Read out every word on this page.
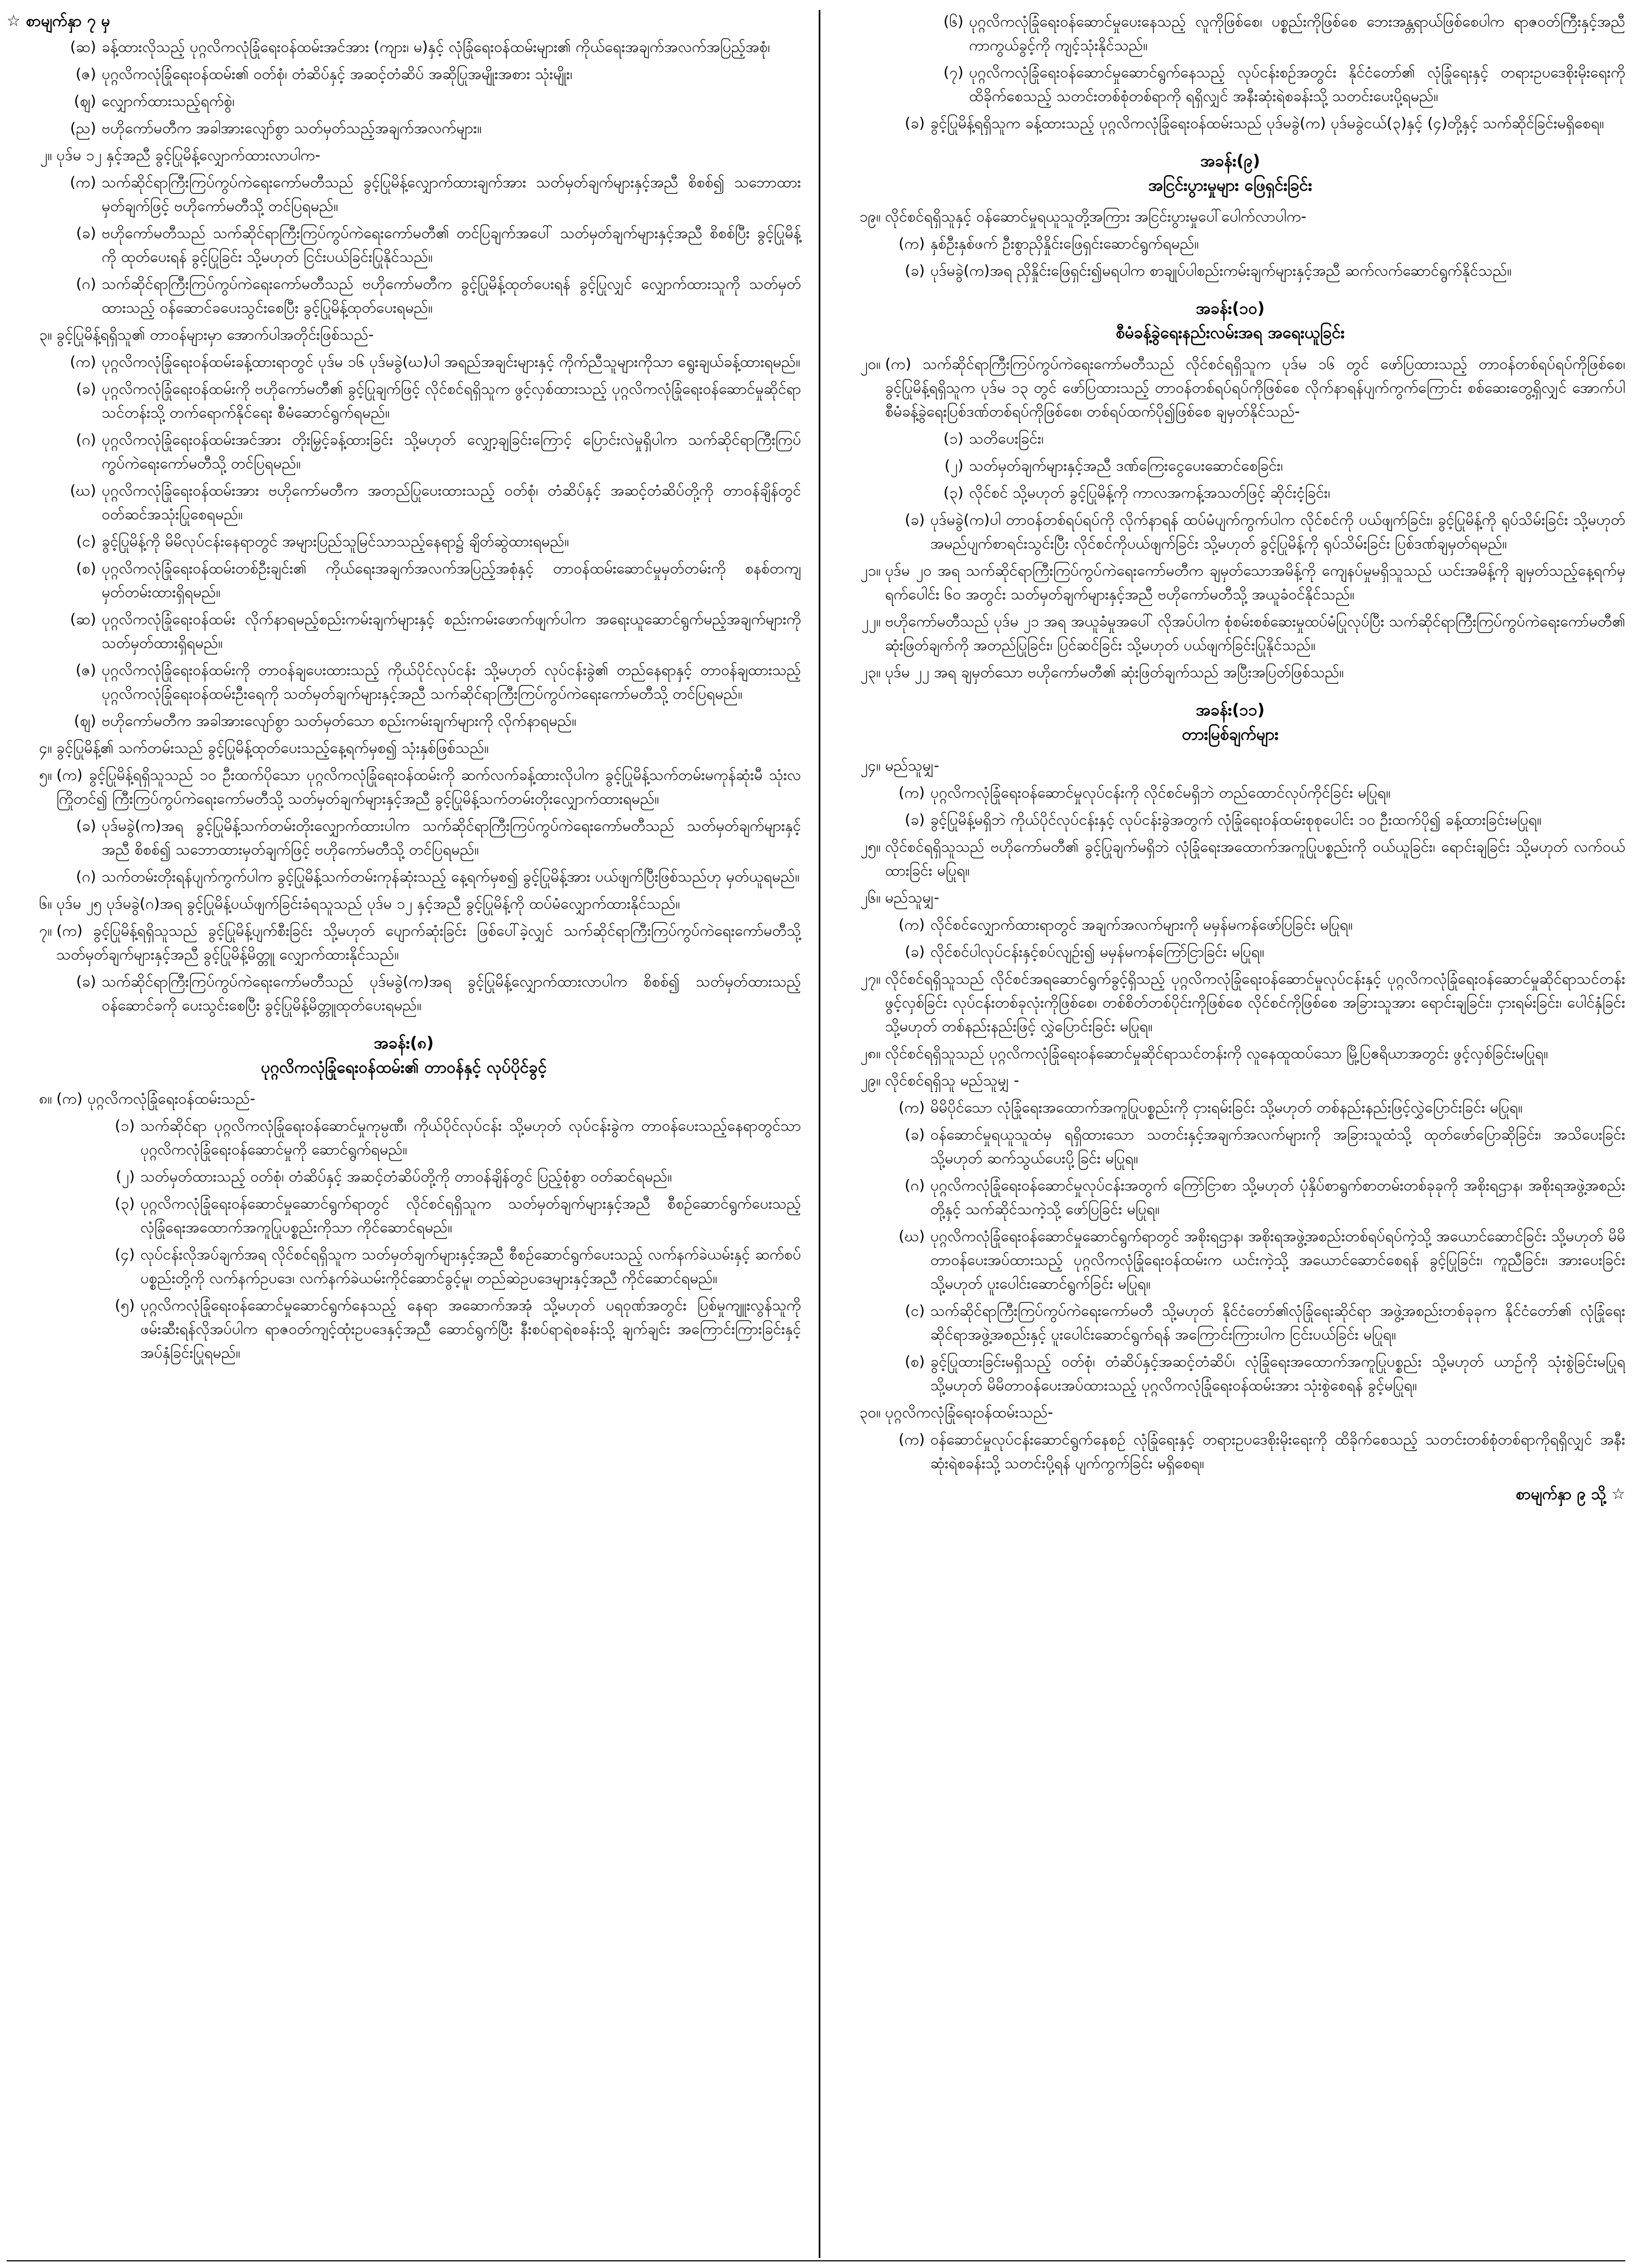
☆ စာမျက်နှာ ၇ မှ
(ဆ) ခန့်ထားလိုသည့် ပုဂ္ဂလိကလုံခြုံရေးဝန်ထမ်းအင်အား (ကျား၊ မ)နှင့် လုံခြုံရေးဝန်ထမ်းများ၏ ကိုယ်ရေးအချက်အလက်အပြည့်အစုံ၊
(ဇ) ပုဂ္ဂလိကလုံခြုံရေးဝန်ထမ်း၏ ဝတ်စုံ၊ တံဆိပ်နှင့် အဆင့်တံဆိပ် အဆိုပြုအမျိုးအစား သုံးမျိုး၊
(ဈ) လျှောက်ထားသည့်ရက်စွဲ၊
(ည) ဗဟိုကော်မတီက အခါအားလျော်စွာ သတ်မှတ်သည့်အချက်အလက်များ။
၂။ ပုဒ်မ ၁၂ နှင့်အညီ ခွင့်ပြုမိန့်လျှောက်ထားလာပါက-
(က) သက်ဆိုင်ရာကြီးကြပ်ကွပ်ကဲရေးကော်မတီသည် ခွင့်ပြုမိန့်လျှောက်ထားချက်အား သတ်မှတ်ချက်များနှင့်အညီ စိစစ်၍ သဘောထားမှတ်ချက်ဖြင့် ဗဟိုကော်မတီသို့ တင်ပြရမည်။
(ခ) ဗဟိုကော်မတီသည် သက်ဆိုင်ရာကြီးကြပ်ကွပ်ကဲရေးကော်မတီ၏ တင်ပြချက်အပေါ် သတ်မှတ်ချက်များနှင့်အညီ စိစစ်ပြီး ခွင့်ပြုမိန့်ကို ထုတ်ပေးရန် ခွင့်ပြုခြင်း သို့မဟုတ် ငြင်းပယ်ခြင်းပြုနိုင်သည်။
(ဂ) သက်ဆိုင်ရာကြီးကြပ်ကွပ်ကဲရေးကော်မတီသည် ဗဟိုကော်မတီက ခွင့်ပြုမိန့်ထုတ်ပေးရန် ခွင့်ပြုလျှင် လျှောက်ထားသူကို သတ်မှတ်ထားသည့် ဝန်ဆောင်ခပေးသွင်းစေပြီး ခွင့်ပြုမိန့်ထုတ်ပေးရမည်။
၃။ ခွင့်ပြုမိန့်ရရှိသူ၏ တာဝန်များမှာ အောက်ပါအတိုင်းဖြစ်သည်-
(က) ပုဂ္ဂလိကလုံခြုံရေးဝန်ထမ်းခန့်ထားရာတွင် ပုဒ်မ ၁၆ ပုဒ်မခွဲ(ဃ)ပါ အရည်အချင်းများနှင့် ကိုက်ညီသူများကိုသာ ရွေးချယ်ခန့်ထားရမည်။
(ခ) ပုဂ္ဂလိကလုံခြုံရေးဝန်ထမ်းကို ဗဟိုကော်မတီ၏ ခွင့်ပြုချက်ဖြင့် လိုင်စင်ရရှိသူက ဖွင့်လှစ်ထားသည့် ပုဂ္ဂလိကလုံခြုံရေးဝန်ဆောင်မှုဆိုင်ရာသင်တန်းသို့ တက်ရောက်နိုင်ရေး စီမံဆောင်ရွက်ရမည်။
(ဂ) ပုဂ္ဂလိကလုံခြုံရေးဝန်ထမ်းအင်အား တိုးမြှင့်ခန့်ထားခြင်း သို့မဟုတ် လျှော့ချခြင်းကြောင့် ပြောင်းလဲမှုရှိပါက သက်ဆိုင်ရာကြီးကြပ်ကွပ်ကဲရေးကော်မတီသို့ တင်ပြရမည်။
(ဃ) ပုဂ္ဂလိကလုံခြုံရေးဝန်ထမ်းအား ဗဟိုကော်မတီက အတည်ပြုပေးထားသည့် ဝတ်စုံ၊ တံဆိပ်နှင့် အဆင့်တံဆိပ်တို့ကို တာဝန်ချိန်တွင် ဝတ်ဆင်အသုံးပြုစေရမည်။
(င) ခွင့်ပြုမိန့်ကို မိမိလုပ်ငန်းနေရာတွင် အများပြည်သူမြင်သာသည့်နေရာ၌ ချိတ်ဆွဲထားရမည်။
(စ) ပုဂ္ဂလိကလုံခြုံရေးဝန်ထမ်းတစ်ဦးချင်း၏ ကိုယ်ရေးအချက်အလက်အပြည့်အစုံနှင့် တာဝန်ထမ်းဆောင်မှုမှတ်တမ်းကို စနစ်တကျမှတ်တမ်းထားရှိရမည်။
(ဆ) ပုဂ္ဂလိကလုံခြုံရေးဝန်ထမ်း လိုက်နာရမည့်စည်းကမ်းချက်များနှင့် စည်းကမ်းဖောက်ဖျက်ပါက အရေးယူဆောင်ရွက်မည့်အချက်များကို သတ်မှတ်ထားရှိရမည်။
(ဇ) ပုဂ္ဂလိကလုံခြုံရေးဝန်ထမ်းကို တာဝန်ချပေးထားသည့် ကိုယ်ပိုင်လုပ်ငန်း သို့မဟုတ် လုပ်ငန်းခွဲ၏ တည်နေရာနှင့် တာဝန်ချထားသည့် ပုဂ္ဂလိကလုံခြုံရေးဝန်ထမ်းဦးရေကို သတ်မှတ်ချက်များနှင့်အညီ သက်ဆိုင်ရာကြီးကြပ်ကွပ်ကဲရေးကော်မတီသို့ တင်ပြရမည်။
(ဈ) ဗဟိုကော်မတီက အခါအားလျော်စွာ သတ်မှတ်သော စည်းကမ်းချက်များကို လိုက်နာရမည်။
၄။ ခွင့်ပြုမိန့်၏ သက်တမ်းသည် ခွင့်ပြုမိန့်ထုတ်ပေးသည့်နေ့ရက်မှစ၍ သုံးနှစ်ဖြစ်သည်။
၅။ (က) ခွင့်ပြုမိန့်ရရှိသူသည် ၁၀ ဦးထက်ပိုသော ပုဂ္ဂလိကလုံခြုံရေးဝန်ထမ်းကို ဆက်လက်ခန့်ထားလိုပါက ခွင့်ပြုမိန့်သက်တမ်းမကုန်ဆုံးမီ သုံးလကြိုတင်၍ ကြီးကြပ်ကွပ်ကဲရေးကော်မတီသို့ သတ်မှတ်ချက်များနှင့်အညီ ခွင့်ပြုမိန့်သက်တမ်းတိုးလျှောက်ထားရမည်။
(ခ) ပုဒ်မခွဲ(က)အရ ခွင့်ပြုမိန့်သက်တမ်းတိုးလျှောက်ထားပါက သက်ဆိုင်ရာကြီးကြပ်ကွပ်ကဲရေးကော်မတီသည် သတ်မှတ်ချက်များနှင့်အညီ စိစစ်၍ သဘောထားမှတ်ချက်ဖြင့် ဗဟိုကော်မတီသို့ တင်ပြရမည်။
(ဂ) သက်တမ်းတိုးရန်ပျက်ကွက်ပါက ခွင့်ပြုမိန့်သက်တမ်းကုန်ဆုံးသည့် နေ့ရက်မှစ၍ ခွင့်ပြုမိန့်အား ပယ်ဖျက်ပြီးဖြစ်သည်ဟု မှတ်ယူရမည်။
၆။ ပုဒ်မ ၂၅ ပုဒ်မခွဲ(ဂ)အရ ခွင့်ပြုမိန့်ပယ်ဖျက်ခြင်းခံရသူသည် ပုဒ်မ ၁၂ နှင့်အညီ ခွင့်ပြုမိန့်ကို ထပ်မံလျှောက်ထားနိုင်သည်။
၇။ (က) ခွင့်ပြုမိန့်ရရှိသူသည် ခွင့်ပြုမိန့်ပျက်စီးခြင်း သို့မဟုတ် ပျောက်ဆုံးခြင်း ဖြစ်ပေါ်ခဲ့လျှင် သက်ဆိုင်ရာကြီးကြပ်ကွပ်ကဲရေးကော်မတီသို့ သတ်မှတ်ချက်များနှင့်အညီ ခွင့်ပြုမိန့်မိတ္တူ လျှောက်ထားနိုင်သည်။
(ခ) သက်ဆိုင်ရာကြီးကြပ်ကွပ်ကဲရေးကော်မတီသည် ပုဒ်မခွဲ(က)အရ ခွင့်ပြုမိန့်လျှောက်ထားလာပါက စိစစ်၍ သတ်မှတ်ထားသည့်ဝန်ဆောင်ခကို ပေးသွင်းစေပြီး ခွင့်ပြုမိန့်မိတ္တူထုတ်ပေးရမည်။
အခန်း(၈)
ပုဂ္ဂလိကလုံခြုံရေးဝန်ထမ်း၏ တာဝန်နှင့် လုပ်ပိုင်ခွင့်
၈။ (က) ပုဂ္ဂလိကလုံခြုံရေးဝန်ထမ်းသည်-
(၁) သက်ဆိုင်ရာ ပုဂ္ဂလိကလုံခြုံရေးဝန်ဆောင်မှုကုမ္ပဏီ၊ ကိုယ်ပိုင်လုပ်ငန်း သို့မဟုတ် လုပ်ငန်းခွဲက တာဝန်ပေးသည့်နေရာတွင်သာ ပုဂ္ဂလိကလုံခြုံရေးဝန်ဆောင်မှုကို ဆောင်ရွက်ရမည်။
(၂) သတ်မှတ်ထားသည့် ဝတ်စုံ၊ တံဆိပ်နှင့် အဆင့်တံဆိပ်တို့ကို တာဝန်ချိန်တွင် ပြည့်စုံစွာ ဝတ်ဆင်ရမည်။
(၃) ပုဂ္ဂလိကလုံခြုံရေးဝန်ဆောင်မှုဆောင်ရွက်ရာတွင် လိုင်စင်ရရှိသူက သတ်မှတ်ချက်များနှင့်အညီ စီစဉ်ဆောင်ရွက်ပေးသည့် လုံခြုံရေးအထောက်အကူပြုပစ္စည်းကိုသာ ကိုင်ဆောင်ရမည်။
(၄) လုပ်ငန်းလိုအပ်ချက်အရ လိုင်စင်ရရှိသူက သတ်မှတ်ချက်များနှင့်အညီ စီစဉ်ဆောင်ရွက်ပေးသည့် လက်နက်ခဲယမ်းနှင့် ဆက်စပ်ပစ္စည်းတို့ကို လက်နက်ဥပဒေ၊ လက်နက်ခဲယမ်းကိုင်ဆောင်ခွင့်မူ၊ တည်ဆဲဥပဒေများနှင့်အညီ ကိုင်ဆောင်ရမည်။
(၅) ပုဂ္ဂလိကလုံခြုံရေးဝန်ဆောင်မှုဆောင်ရွက်နေသည့် နေရာ အဆောက်အအုံ သို့မဟုတ် ပရဝုဏ်အတွင်း ပြစ်မှုကျူးလွန်သူကို ဖမ်းဆီးရန်လိုအပ်ပါက ရာဇဝတ်ကျင့်ထုံးဥပဒေနှင့်အညီ ဆောင်ရွက်ပြီး နီးစပ်ရာရဲစခန်းသို့ ချက်ချင်း အကြောင်းကြားခြင်းနှင့် အပ်နှံခြင်းပြုရမည်။
(၆) ပုဂ္ဂလိကလုံခြုံရေးဝန်ဆောင်မှုပေးနေသည့် လူကိုဖြစ်စေ၊ ပစ္စည်းကိုဖြစ်စေ ဘေးအန္တရာယ်ဖြစ်စေပါက ရာဇဝတ်ကြီးနှင့်အညီ ကာကွယ်ခွင့်ကို ကျင့်သုံးနိုင်သည်။
(၇) ပုဂ္ဂလိကလုံခြုံရေးဝန်ဆောင်မှုဆောင်ရွက်နေသည့် လုပ်ငန်းစဉ်အတွင်း နိုင်ငံတော်၏ လုံခြုံရေးနှင့် တရားဥပဒေစိုးမိုးရေးကို ထိခိုက်စေသည့် သတင်းတစ်စုံတစ်ရာကို ရရှိလျှင် အနီးဆုံးရဲစခန်းသို့ သတင်းပေးပို့ရမည်။
(ခ) ခွင့်ပြုမိန့်ရရှိသူက ခန့်ထားသည့် ပုဂ္ဂလိကလုံခြုံရေးဝန်ထမ်းသည် ပုဒ်မခွဲ(က) ပုဒ်မခွဲငယ်(၃)နှင့် (၄)တို့နှင့် သက်ဆိုင်ခြင်းမရှိစေရ။
အခန်း(၉)
အငြင်းပွားမှုများ ဖြေရှင်းခြင်း
၁၉။ လိုင်စင်ရရှိသူနှင့် ဝန်ဆောင်မှုရယူသူတို့အကြား အငြင်းပွားမှုပေါ်ပေါက်လာပါက-
(က) နှစ်ဦးနှစ်ဖက် ဦးစွာညှိနှိုင်းဖြေရှင်းဆောင်ရွက်ရမည်။
(ခ) ပုဒ်မခွဲ(က)အရ ညှိနှိုင်းဖြေရှင်း၍မရပါက စာချုပ်ပါစည်းကမ်းချက်များနှင့်အညီ ဆက်လက်ဆောင်ရွက်နိုင်သည်။
အခန်း(၁၀)
စီမံခန့်ခွဲရေးနည်းလမ်းအရ အရေးယူခြင်း
၂၀။ (က) သက်ဆိုင်ရာကြီးကြပ်ကွပ်ကဲရေးကော်မတီသည် လိုင်စင်ရရှိသူက ပုဒ်မ ၁၆ တွင် ဖော်ပြထားသည့် တာဝန်တစ်ရပ်ရပ်ကိုဖြစ်စေ၊ ခွင့်ပြုမိန့်ရရှိသူက ပုဒ်မ ၁၃ တွင် ဖော်ပြထားသည့် တာဝန်တစ်ရပ်ရပ်ကိုဖြစ်စေ လိုက်နာရန်ပျက်ကွက်ကြောင်း စစ်ဆေးတွေ့ရှိလျှင် အောက်ပါစီမံခန့်ခွဲရေးပြစ်ဒဏ်တစ်ရပ်ကိုဖြစ်စေ၊ တစ်ရပ်ထက်ပို၍ဖြစ်စေ ချမှတ်နိုင်သည်-
(၁) သတိပေးခြင်း၊
(၂) သတ်မှတ်ချက်များနှင့်အညီ ဒဏ်ကြေးငွေပေးဆောင်စေခြင်း၊
(၃) လိုင်စင် သို့မဟုတ် ခွင့်ပြုမိန့်ကို ကာလအကန့်အသတ်ဖြင့် ဆိုင်းငံ့ခြင်း၊
(ခ) ပုဒ်မခွဲ(က)ပါ တာဝန်တစ်ရပ်ရပ်ကို လိုက်နာရန် ထပ်မံပျက်ကွက်ပါက လိုင်စင်ကို ပယ်ဖျက်ခြင်း၊ ခွင့်ပြုမိန့်ကို ရုပ်သိမ်းခြင်း သို့မဟုတ် အမည်ပျက်စာရင်းသွင်းပြီး လိုင်စင်ကိုပယ်ဖျက်ခြင်း သို့မဟုတ် ခွင့်ပြုမိန့်ကို ရုပ်သိမ်းခြင်း ပြစ်ဒဏ်ချမှတ်ရမည်။
၂၁။ ပုဒ်မ ၂၀ အရ သက်ဆိုင်ရာကြီးကြပ်ကွပ်ကဲရေးကော်မတီက ချမှတ်သောအမိန့်ကို ကျေနပ်မှုမရှိသူသည် ယင်းအမိန့်ကို ချမှတ်သည့်နေ့ရက်မှ ရက်ပေါင်း ၆၀ အတွင်း သတ်မှတ်ချက်များနှင့်အညီ ဗဟိုကော်မတီသို့ အယူခံဝင်နိုင်သည်။
၂၂။ ဗဟိုကော်မတီသည် ပုဒ်မ ၂၁ အရ အယူခံမှုအပေါ် လိုအပ်ပါက စုံစမ်းစစ်ဆေးမှုထပ်မံပြုလုပ်ပြီး သက်ဆိုင်ရာကြီးကြပ်ကွပ်ကဲရေးကော်မတီ၏ ဆုံးဖြတ်ချက်ကို အတည်ပြုခြင်း၊ ပြင်ဆင်ခြင်း သို့မဟုတ် ပယ်ဖျက်ခြင်းပြုနိုင်သည်။
၂၃။ ပုဒ်မ ၂၂ အရ ချမှတ်သော ဗဟိုကော်မတီ၏ ဆုံးဖြတ်ချက်သည် အပြီးအပြတ်ဖြစ်သည်။
အခန်း(၁၁)
တားမြစ်ချက်များ
၂၄။ မည်သူမျှ-
(က) ပုဂ္ဂလိကလုံခြုံရေးဝန်ဆောင်မှုလုပ်ငန်းကို လိုင်စင်မရှိဘဲ တည်ထောင်လုပ်ကိုင်ခြင်း မပြုရ။
(ခ) ခွင့်ပြုမိန့်မရှိဘဲ ကိုယ်ပိုင်လုပ်ငန်းနှင့် လုပ်ငန်းခွဲအတွက် လုံခြုံရေးဝန်ထမ်းစုစုပေါင်း ၁၀ ဦးထက်ပို၍ ခန့်ထားခြင်းမပြုရ။
၂၅။ လိုင်စင်ရရှိသူသည် ဗဟိုကော်မတီ၏ ခွင့်ပြုချက်မရှိဘဲ လုံခြုံရေးအထောက်အကူပြုပစ္စည်းကို ဝယ်ယူခြင်း၊ ရောင်းချခြင်း သို့မဟုတ် လက်ဝယ်ထားခြင်း မပြုရ။
၂၆။ မည်သူမျှ-
(က) လိုင်စင်လျှောက်ထားရာတွင် အချက်အလက်များကို မမှန်မကန်ဖော်ပြခြင်း မပြုရ။
(ခ) လိုင်စင်ပါလုပ်ငန်းနှင့်စပ်လျဉ်း၍ မမှန်မကန်ကြော်ငြာခြင်း မပြုရ။
၂၇။ လိုင်စင်ရရှိသူသည် လိုင်စင်အရဆောင်ရွက်ခွင့်ရှိသည့် ပုဂ္ဂလိကလုံခြုံရေးဝန်ဆောင်မှုလုပ်ငန်းနှင့် ပုဂ္ဂလိကလုံခြုံရေးဝန်ဆောင်မှုဆိုင်ရာသင်တန်းဖွင့်လှစ်ခြင်း လုပ်ငန်းတစ်ခုလုံးကိုဖြစ်စေ၊ တစ်စိတ်တစ်ပိုင်းကိုဖြစ်စေ လိုင်စင်ကိုဖြစ်စေ အခြားသူအား ရောင်းချခြင်း၊ ငှားရမ်းခြင်း၊ ပေါင်နှံခြင်း သို့မဟုတ် တစ်နည်းနည်းဖြင့် လွှဲပြောင်းခြင်း မပြုရ။
၂၈။ လိုင်စင်ရရှိသူသည် ပုဂ္ဂလိကလုံခြုံရေးဝန်ဆောင်မှုဆိုင်ရာသင်တန်းကို လူနေထူထပ်သော မြို့ပြဧရိယာအတွင်း ဖွင့်လှစ်ခြင်းမပြုရ။
၂၉။ လိုင်စင်ရရှိသူ မည်သူမျှ -
(က) မိမိပိုင်သော လုံခြုံရေးအထောက်အကူပြုပစ္စည်းကို ငှားရမ်းခြင်း သို့မဟုတ် တစ်နည်းနည်းဖြင့်လွှဲပြောင်းခြင်း မပြုရ။
(ခ) ဝန်ဆောင်မှုရယူသူထံမှ ရရှိထားသော သတင်းနှင့်အချက်အလက်များကို အခြားသူထံသို့ ထုတ်ဖော်ပြောဆိုခြင်း၊ အသိပေးခြင်း သို့မဟုတ် ဆက်သွယ်ပေးပို့ခြင်း မပြုရ။
(ဂ) ပုဂ္ဂလိကလုံခြုံရေးဝန်ဆောင်မှုလုပ်ငန်းအတွက် ကြော်ငြာစာ သို့မဟုတ် ပုံနှိပ်စာရွက်စာတမ်းတစ်ခုခုကို အစိုးရဌာန၊ အစိုးရအဖွဲ့အစည်းတို့နှင့် သက်ဆိုင်သကဲ့သို့ ဖော်ပြခြင်း မပြုရ။
(ဃ) ပုဂ္ဂလိကလုံခြုံရေးဝန်ဆောင်မှုဆောင်ရွက်ရာတွင် အစိုးရဌာန၊ အစိုးရအဖွဲ့အစည်းတစ်ရပ်ရပ်ကဲ့သို့ အယောင်ဆောင်ခြင်း သို့မဟုတ် မိမိတာဝန်ပေးအပ်ထားသည့် ပုဂ္ဂလိကလုံခြုံရေးဝန်ထမ်းက ယင်းကဲ့သို့ အယောင်ဆောင်စေရန် ခွင့်ပြုခြင်း၊ ကူညီခြင်း၊ အားပေးခြင်း သို့မဟုတ် ပူးပေါင်းဆောင်ရွက်ခြင်း မပြုရ။
(င) သက်ဆိုင်ရာကြီးကြပ်ကွပ်ကဲရေးကော်မတီ သို့မဟုတ် နိုင်ငံတော်၏လုံခြုံရေးဆိုင်ရာ အဖွဲ့အစည်းတစ်ခုခုက နိုင်ငံတော်၏ လုံခြုံရေးဆိုင်ရာအဖွဲ့အစည်းနှင့် ပူးပေါင်းဆောင်ရွက်ရန် အကြောင်းကြားပါက ငြင်းပယ်ခြင်း မပြုရ။
(စ) ခွင့်ပြုထားခြင်းမရှိသည့် ဝတ်စုံ၊ တံဆိပ်နှင့်အဆင့်တံဆိပ်၊ လုံခြုံရေးအထောက်အကူပြုပစ္စည်း သို့မဟုတ် ယာဉ်ကို သုံးစွဲခြင်းမပြုရ သို့မဟုတ် မိမိတာဝန်ပေးအပ်ထားသည့် ပုဂ္ဂလိကလုံခြုံရေးဝန်ထမ်းအား သုံးစွဲစေရန် ခွင့်မပြုရ။
၃၀။ ပုဂ္ဂလိကလုံခြုံရေးဝန်ထမ်းသည်-
(က) ဝန်ဆောင်မှုလုပ်ငန်းဆောင်ရွက်နေစဉ် လုံခြုံရေးနှင့် တရားဥပဒေစိုးမိုးရေးကို ထိခိုက်စေသည့် သတင်းတစ်စုံတစ်ရာကိုရရှိလျှင် အနီးဆုံးရဲစခန်းသို့ သတင်းပို့ရန် ပျက်ကွက်ခြင်း မရှိစေရ။
စာမျက်နှာ ၉ သို့ ☆
